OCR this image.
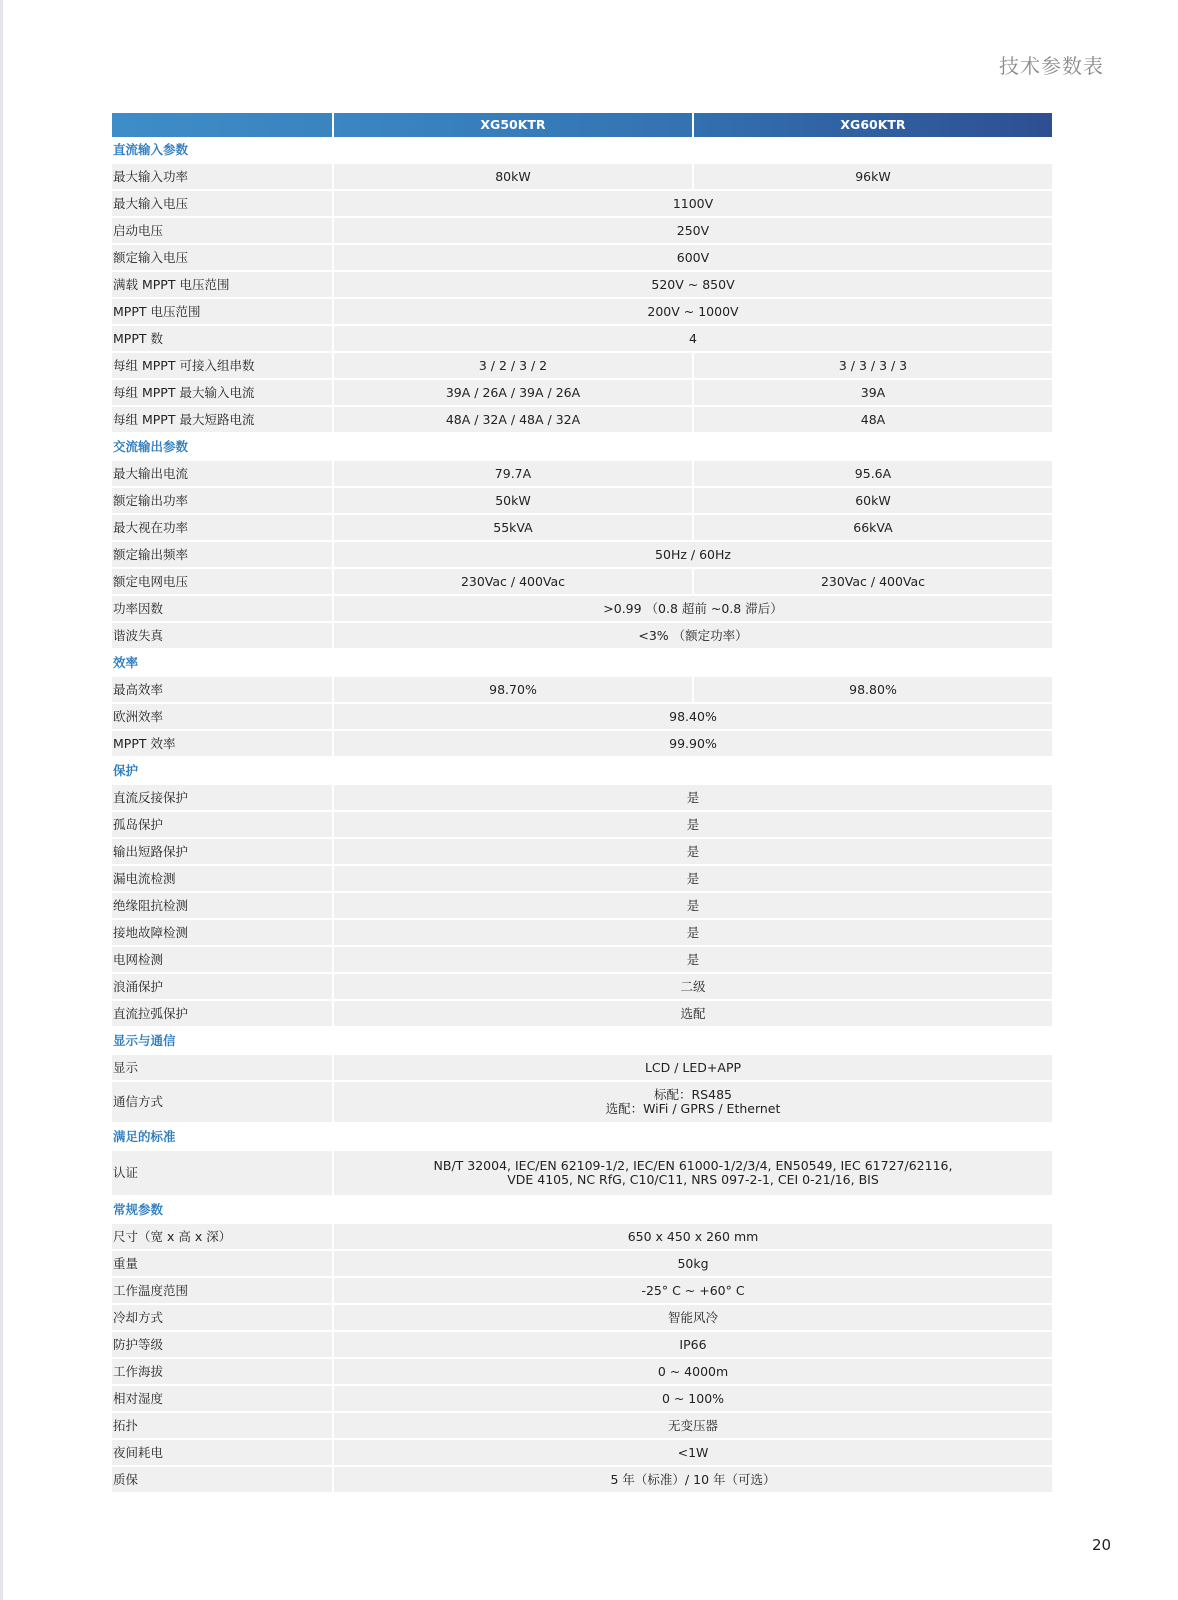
技术参数表
	XG50KTR	XG60KTR
直流输入参数		
最大输入功率	80kW	96kW
最大输入电压	1100V	
启动电压	250V	
额定输入电压	600V	
满载 MPPT 电压范围	520V ~ 850V	
MPPT 电压范围	200V ~ 1000V	
MPPT 数	4	
每组 MPPT 可接入组串数	3 / 2 / 3 / 2	3 / 3 / 3 / 3
每组 MPPT 最大输入电流	39A / 26A / 39A / 26A	39A
每组 MPPT 最大短路电流	48A / 32A / 48A / 32A	48A
交流输出参数		
最大输出电流	79.7A	95.6A
额定输出功率	50kW	60kW
最大视在功率	55kVA	66kVA
额定输出频率	50Hz / 60Hz	
额定电网电压	230Vac / 400Vac	230Vac / 400Vac
功率因数	>0.99 （0.8 超前 ~0.8 滞后）	
谐波失真	<3% （额定功率）	
效率		
最高效率	98.70%	98.80%
欧洲效率	98.40%	
MPPT 效率	99.90%	
保护		
直流反接保护	是	
孤岛保护	是	
输出短路保护	是	
漏电流检测	是	
绝缘阻抗检测	是	
接地故障检测	是	
电网检测	是	
浪涌保护	二级	
直流拉弧保护	选配	
显示与通信		
显示	LCD / LED+APP	
通信方式	标配：RS485
选配：WiFi / GPRS / Ethernet	

满足的标准		
认证	NB/T 32004, IEC/EN 62109-1/2, IEC/EN 61000-1/2/3/4, EN50549, IEC 61727/62116,
VDE 4105, NC RfG, C10/C11, NRS 097-2-1, CEI 0-21/16, BIS	

常规参数		
尺寸（宽 x 高 x 深）	650 x 450 x 260 mm	
重量	50kg	
工作温度范围	-25° C ~ +60° C	
冷却方式	智能风冷	
防护等级	IP66	
工作海拔	0 ~ 4000m	
相对湿度	0 ~ 100%	
拓扑	无变压器	
夜间耗电	<1W	
质保	5 年（标准）/ 10 年（可选）	
20
